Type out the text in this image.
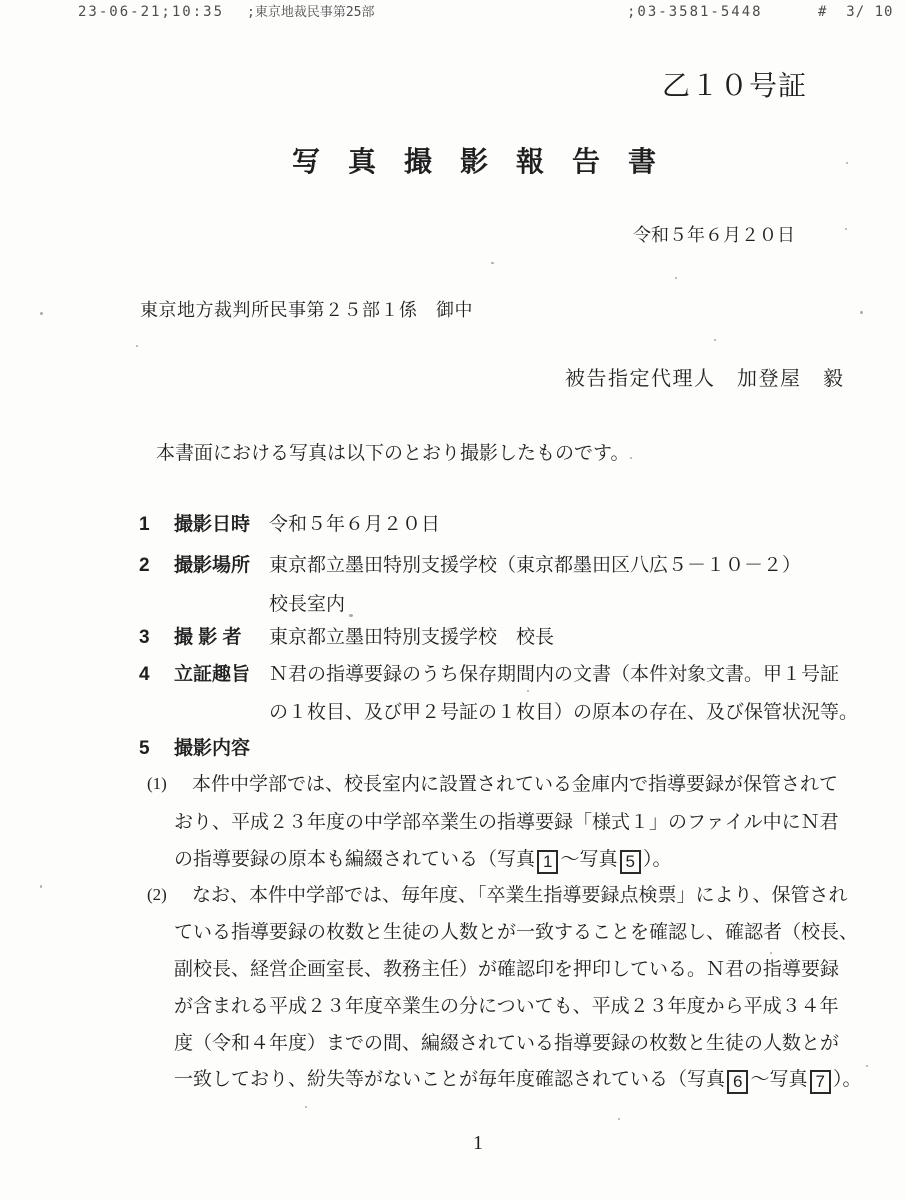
23-06-21;10:35 ;東京地裁民事第25部	;03-3581-5448	#  3/ 10
乙１０号証
写　真　撮　影　報　告　書
令和５年６月２０日
東京地方裁判所民事第２５部１係　御中
被告指定代理人　加登屋　毅
本書面における写真は以下のとおり撮影したものです。
1 撮影日時 令和５年６月２０日
2 撮影場所 東京都立墨田特別支援学校（東京都墨田区八広５－１０－２）
校長室内
3 撮 影 者 東京都立墨田特別支援学校　校長
4 立証趣旨 Ｎ君の指導要録のうち保存期間内の文書（本件対象文書。甲１号証
の１枚目、及び甲２号証の１枚目）の原本の存在、及び保管状況等。
5 撮影内容
(1) 本件中学部では、校長室内に設置されている金庫内で指導要録が保管されて
おり、平成２３年度の中学部卒業生の指導要録「様式１」のファイル中にＮ君
の指導要録の原本も編綴されている（写真 1 ～写真 5 ）。
(2) なお、本件中学部では、毎年度、「卒業生指導要録点検票」により、保管され
ている指導要録の枚数と生徒の人数とが一致することを確認し、確認者（校長、
副校長、経営企画室長、教務主任）が確認印を押印している。Ｎ君の指導要録
が含まれる平成２３年度卒業生の分についても、平成２３年度から平成３４年
度（令和４年度）までの間、編綴されている指導要録の枚数と生徒の人数とが
一致しており、紛失等がないことが毎年度確認されている（写真 6 ～写真 7 ）。
1
